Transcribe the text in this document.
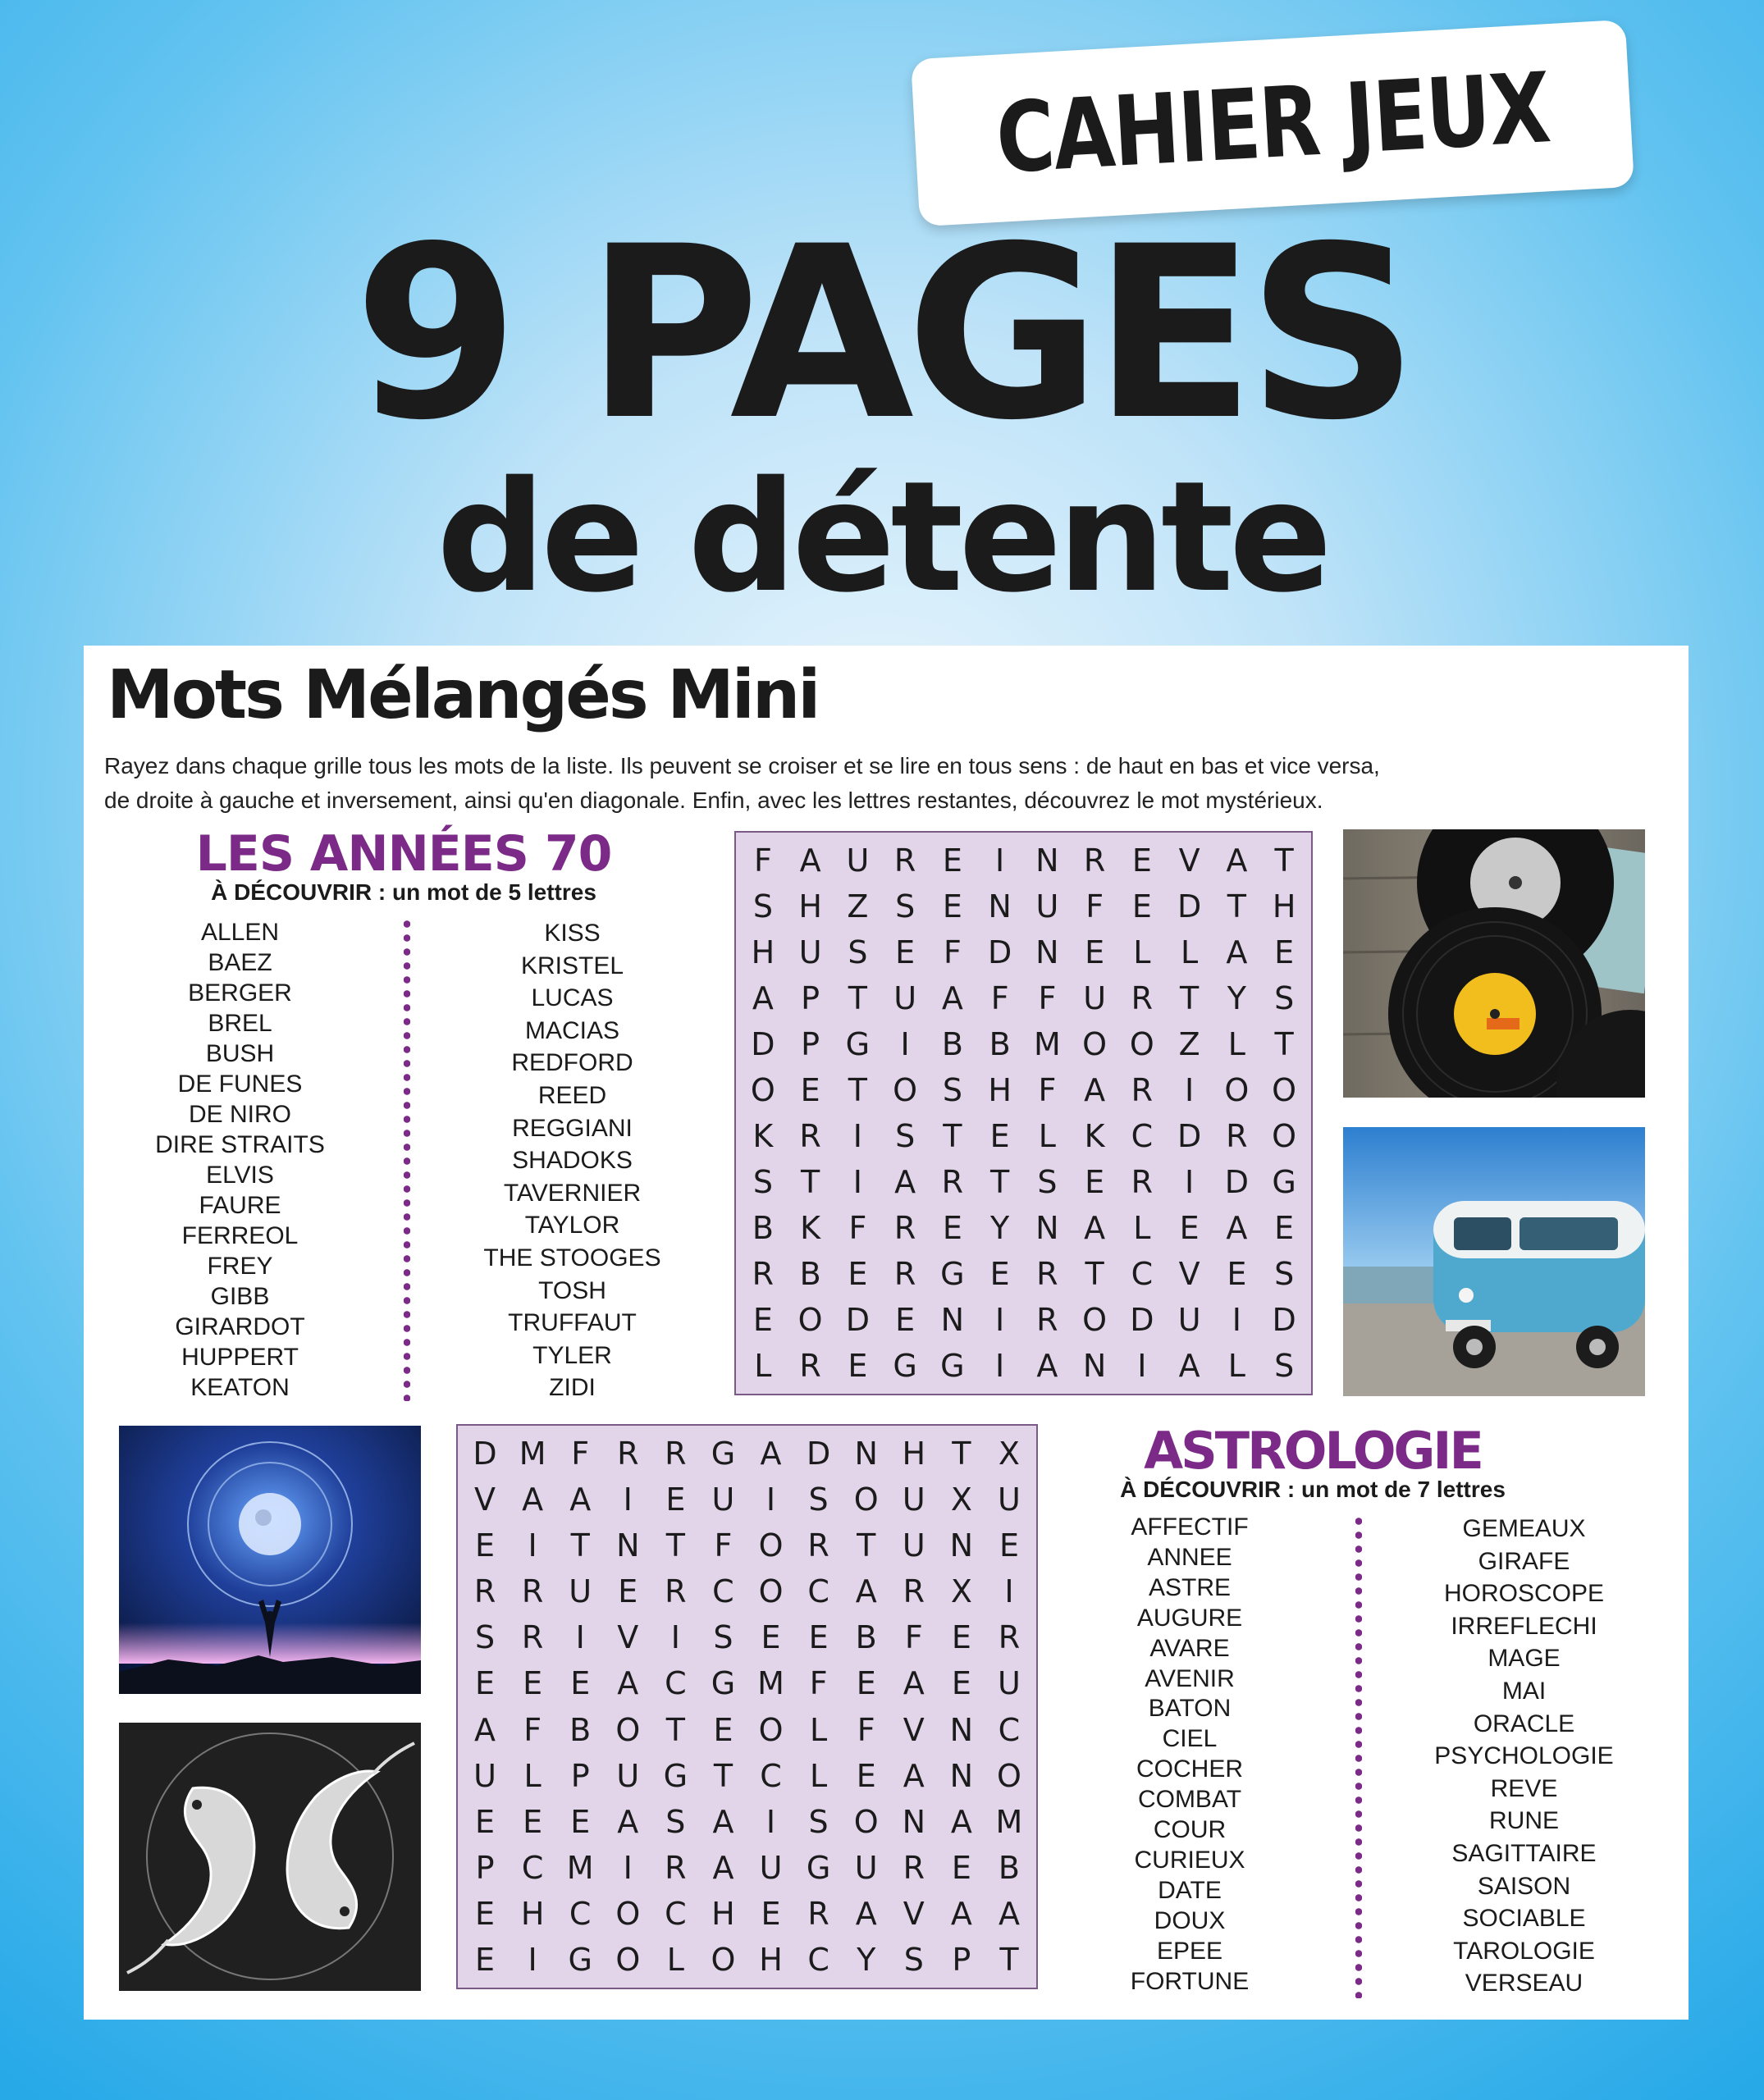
CAHIER JEUX
9 PAGES
de détente
Mots Mélangés Mini
Rayez dans chaque grille tous les mots de la liste. Ils peuvent se croiser et se lire en tous sens : de haut en bas et vice versa,
de droite à gauche et inversement, ainsi qu'en diagonale. Enfin, avec les lettres restantes, découvrez le mot mystérieux.
LES ANNÉES 70
À DÉCOUVRIR : un mot de 5 lettres
ALLEN
BAEZ
BERGER
BREL
BUSH
DE FUNES
DE NIRO
DIRE STRAITS
ELVIS
FAURE
FERREOL
FREY
GIBB
GIRARDOT
HUPPERT
KEATON
KISS
KRISTEL
LUCAS
MACIAS
REDFORD
REED
REGGIANI
SHADOKS
TAVERNIER
TAYLOR
THE STOOGES
TOSH
TRUFFAUT
TYLER
ZIDI
F A U R E	I N R E V A T
S H Z S E N U F E D T H
H U S E F D N E L L A E
A P T U A F F U R T Y S
D P G I	B B M O O Z L T
O E T O S H F A R	I O O
K R	I	S T E L K C D R O
S T	I	A R T S E R	I D G
B K F R E Y N A L E A E
R B E R G E R T C V E S
E O D E N I	R O D U	I D
L R E G G I	A N I	A L S
D M F R R G A D N H T X
V A A	I	E U	I	S O U X U
E	I	T N T F O R T U N E
R R U E R C O C A R X	I
S R	I	V	I	S E E B F E R
E E E A C G M F E A E U
A F B O T E O L F V N C
U L P U G T C L E A N O
E E E A S A	I	S O N A M
P C M I	R A U G U R E B
E H C O C H E R A V A A
E	I G O L O H C Y S P T
ASTROLOGIE
À DÉCOUVRIR : un mot de 7 lettres
AFFECTIF
ANNEE
ASTRE
AUGURE
AVARE
AVENIR
BATON
CIEL
COCHER
COMBAT
COUR
CURIEUX
DATE
DOUX
EPEE
FORTUNE
GEMEAUX
GIRAFE
HOROSCOPE
IRREFLECHI
MAGE
MAI
ORACLE
PSYCHOLOGIE
REVE
RUNE
SAGITTAIRE
SAISON
SOCIABLE
TAROLOGIE
VERSEAU
